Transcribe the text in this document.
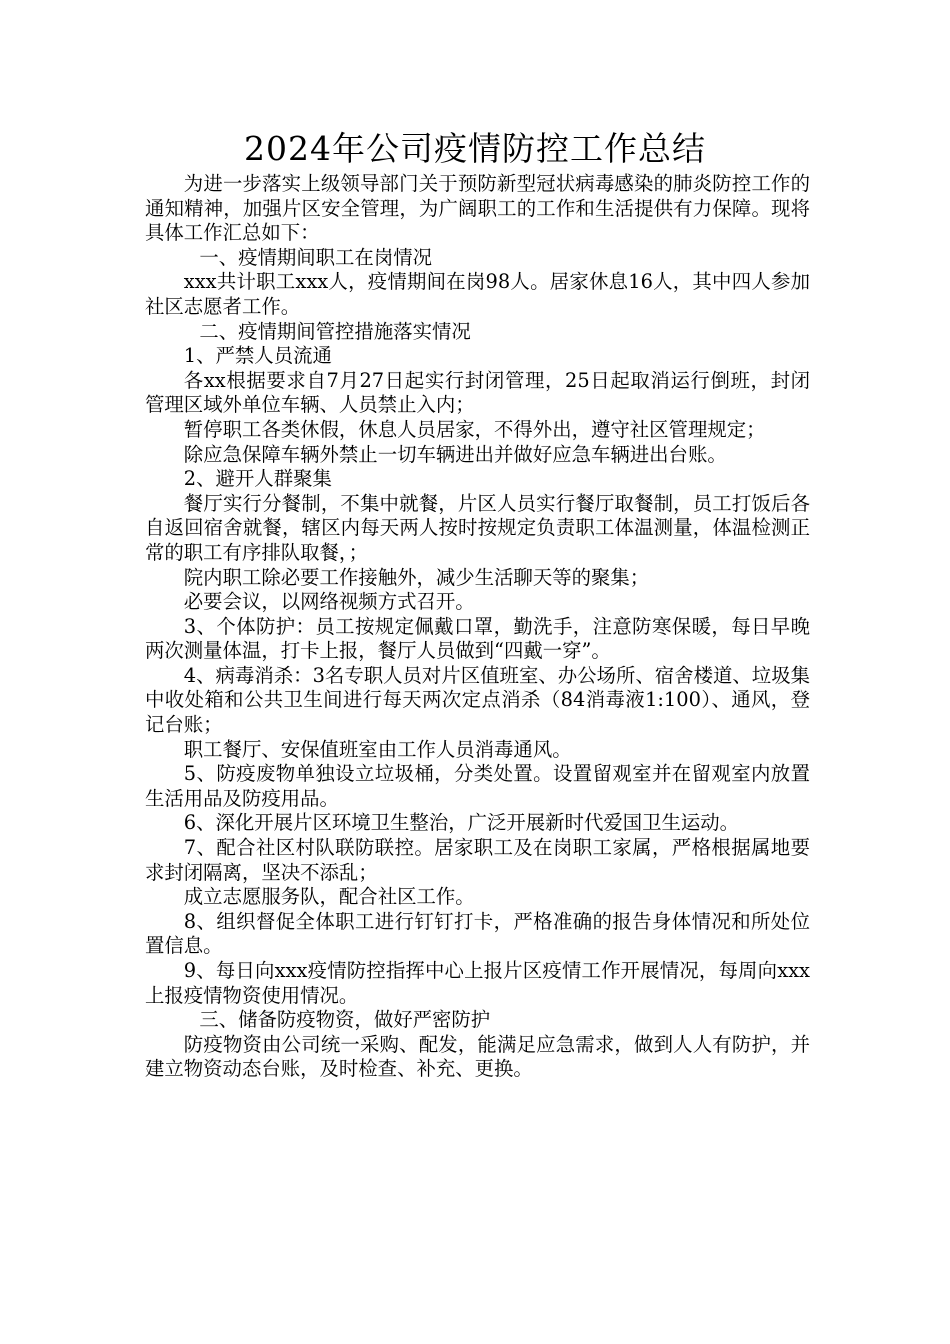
2024年公司疫情防控工作总结

为进一步落实上级领导部门关于预防新型冠状病毒感染的肺炎防控工作的通知精神，加强片区安全管理，为广阔职工的工作和生活提供有力保障。现将具体工作汇总如下：

一、疫情期间职工在岗情况

xxx共计职工xxx人，疫情期间在岗98人。居家休息16人，其中四人参加社区志愿者工作。

二、疫情期间管控措施落实情况

1、严禁人员流通

各xx根据要求自7月27日起实行封闭管理，25日起取消运行倒班，封闭管理区域外单位车辆、人员禁止入内；

暂停职工各类休假，休息人员居家，不得外出，遵守社区管理规定；

除应急保障车辆外禁止一切车辆进出并做好应急车辆进出台账。

2、避开人群聚集

餐厅实行分餐制，不集中就餐，片区人员实行餐厅取餐制，员工打饭后各自返回宿舍就餐，辖区内每天两人按时按规定负责职工体温测量，体温检测正常的职工有序排队取餐，；

院内职工除必要工作接触外，减少生活聊天等的聚集；

必要会议，以网络视频方式召开。

3、个体防护：员工按规定佩戴口罩，勤洗手，注意防寒保暖，每日早晚两次测量体温，打卡上报，餐厅人员做到“四戴一穿”。

4、病毒消杀：3名专职人员对片区值班室、办公场所、宿舍楼道、垃圾集中收处箱和公共卫生间进行每天两次定点消杀（84消毒液1:100）、通风，登记台账；

职工餐厅、安保值班室由工作人员消毒通风。

5、防疫废物单独设立垃圾桶，分类处置。设置留观室并在留观室内放置生活用品及防疫用品。

6、深化开展片区环境卫生整治，广泛开展新时代爱国卫生运动。

7、配合社区村队联防联控。居家职工及在岗职工家属，严格根据属地要求封闭隔离，坚决不添乱；

成立志愿服务队，配合社区工作。

8、组织督促全体职工进行钉钉打卡，严格准确的报告身体情况和所处位置信息。

9、每日向xxx疫情防控指挥中心上报片区疫情工作开展情况，每周向xxx上报疫情物资使用情况。

三、储备防疫物资，做好严密防护

防疫物资由公司统一采购、配发，能满足应急需求，做到人人有防护，并建立物资动态台账，及时检查、补充、更换。
